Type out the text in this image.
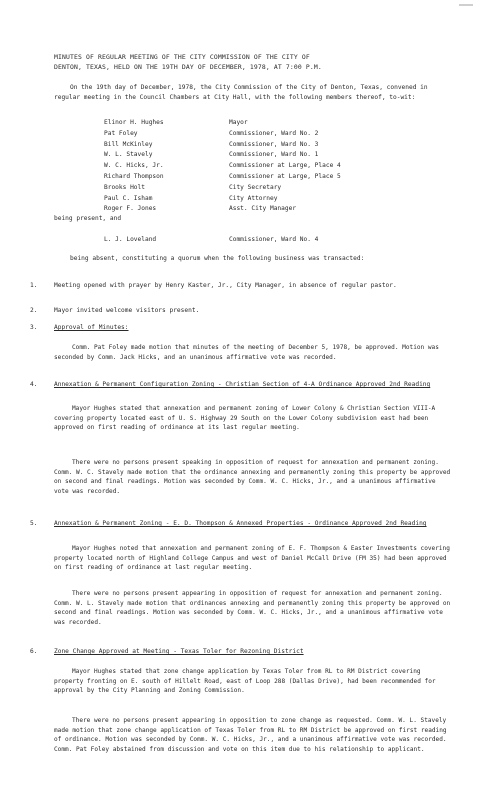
MINUTES OF REGULAR MEETING OF THE CITY COMMISSION OF THE CITY OF
DENTON, TEXAS, HELD ON THE 19TH DAY OF DECEMBER, 1978, AT 7:00 P.M.
On the 19th day of December, 1978, the City Commission of the City of Denton, Texas, convened in regular meeting in the Council Chambers at City Hall, with the following members thereof, to-wit:
Elinor H. Hughes	Mayor
Pat Foley	Commissioner, Ward No. 2
Bill McKinley	Commissioner, Ward No. 3
W. L. Stavely	Commissioner, Ward No. 1
W. C. Hicks, Jr.	Commissioner at Large, Place 4
Richard Thompson	Commissioner at Large, Place 5
Brooks Holt	City Secretary
Paul C. Isham	City Attorney
Roger F. Jones	Asst. City Manager
being present, and
L. J. Loveland	Commissioner, Ward No. 4
being absent, constituting a quorum when the following business was transacted:
1.	Meeting opened with prayer by Henry Kaster, Jr., City Manager, in absence of regular pastor.
2.	Mayor invited welcome visitors present.
3.	Approval of Minutes:
Comm. Pat Foley made motion that minutes of the meeting of December 5, 1978, be approved. Motion was seconded by Comm. Jack Hicks, and an unanimous affirmative vote was recorded.
4.	Annexation & Permanent Configuration Zoning - Christian Section of 4-A Ordinance Approved 2nd Reading
Mayor Hughes stated that annexation and permanent zoning of Lower Colony & Christian Section VIII-A covering property located east of U. S. Highway 29 South on the Lower Colony subdivision east had been approved on first reading of ordinance at its last regular meeting.
There were no persons present speaking in opposition of request for annexation and permanent zoning. Comm. W. C. Stavely made motion that the ordinance annexing and permanently zoning this property be approved on second and final readings. Motion was seconded by Comm. W. C. Hicks, Jr., and a unanimous affirmative vote was recorded.
5.	Annexation & Permanent Zoning - E. D. Thompson & Annexed Properties - Ordinance Approved 2nd Reading
Mayor Hughes noted that annexation and permanent zoning of E. F. Thompson & Easter Investments covering property located north of Highland College Campus and west of Daniel McCall Drive (FM 35) had been approved on first reading of ordinance at last regular meeting.
There were no persons present appearing in opposition of request for annexation and permanent zoning. Comm. W. L. Stavely made motion that ordinances annexing and permanently zoning this property be approved on second and final readings. Motion was seconded by Comm. W. C. Hicks, Jr., and a unanimous affirmative vote was recorded.
6.	Zone Change Approved at Meeting - Texas Toler for Rezoning District
Mayor Hughes stated that zone change application by Texas Toler from RL to RM District covering property fronting on E. south of Hillelt Road, east of Loop 288 (Dallas Drive), had been recommended for approval by the City Planning and Zoning Commission.
There were no persons present appearing in opposition to zone change as requested. Comm. W. L. Stavely made motion that zone change application of Texas Toler from RL to RM District be approved on first reading of ordinance. Motion was seconded by Comm. W. C. Hicks, Jr., and a unanimous affirmative vote was recorded. Comm. Pat Foley abstained from discussion and vote on this item due to his relationship to applicant.
